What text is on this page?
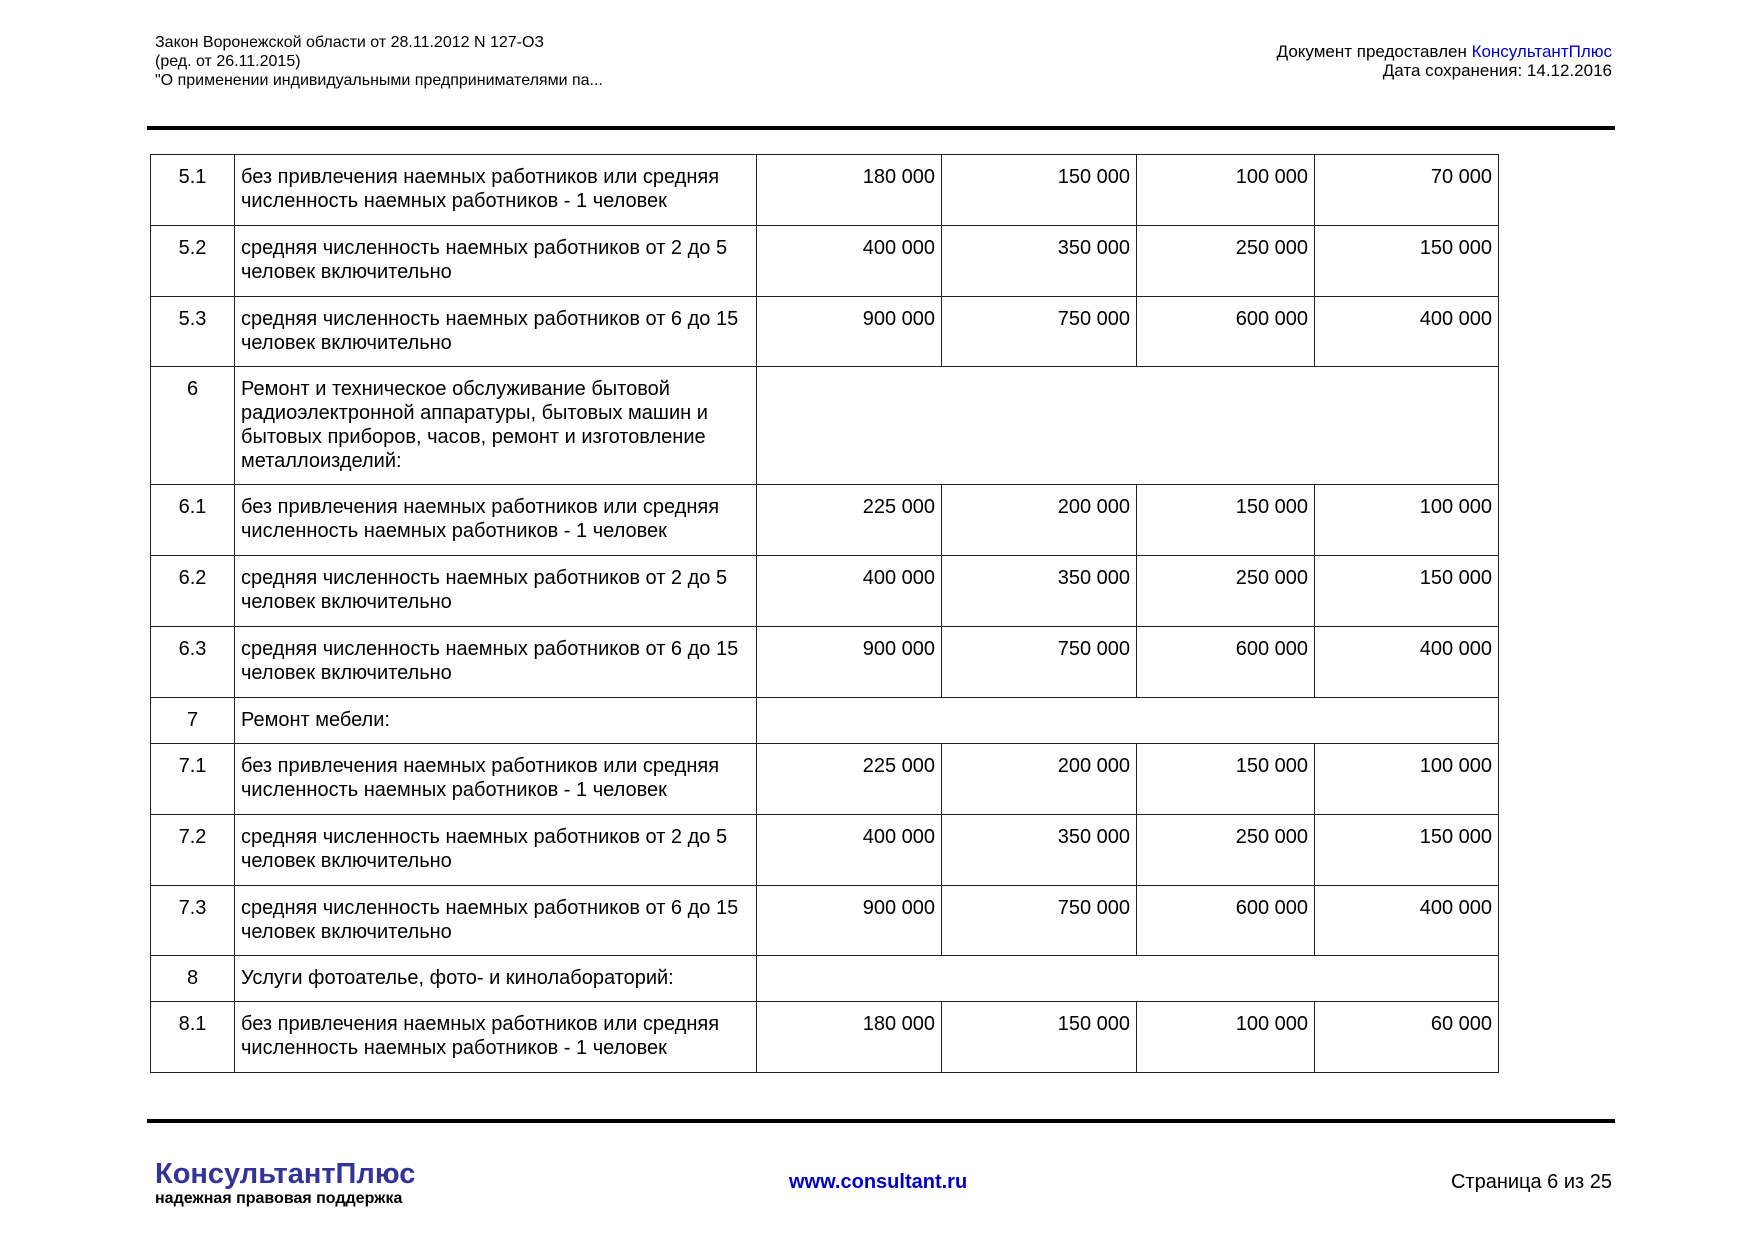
Закон Воронежской области от 28.11.2012 N 127-ОЗ
(ред. от 26.11.2015)
"О применении индивидуальными предпринимателями па...
Документ предоставлен КонсультантПлюс
Дата сохранения: 14.12.2016
5.1	без привлечения наемных работников или средняя численность наемных работников - 1 человек	180 000	150 000	100 000	70 000
5.2	средняя численность наемных работников от 2 до 5 человек включительно	400 000	350 000	250 000	150 000
5.3	средняя численность наемных работников от 6 до 15 человек включительно	900 000	750 000	600 000	400 000
6	Ремонт и техническое обслуживание бытовой радиоэлектронной аппаратуры, бытовых машин и бытовых приборов, часов, ремонт и изготовление металлоизделий:				
6.1	без привлечения наемных работников или средняя численность наемных работников - 1 человек	225 000	200 000	150 000	100 000
6.2	средняя численность наемных работников от 2 до 5 человек включительно	400 000	350 000	250 000	150 000
6.3	средняя численность наемных работников от 6 до 15 человек включительно	900 000	750 000	600 000	400 000
7	Ремонт мебели:				
7.1	без привлечения наемных работников или средняя численность наемных работников - 1 человек	225 000	200 000	150 000	100 000
7.2	средняя численность наемных работников от 2 до 5 человек включительно	400 000	350 000	250 000	150 000
7.3	средняя численность наемных работников от 6 до 15 человек включительно	900 000	750 000	600 000	400 000
8	Услуги фотоателье, фото- и кинолабораторий:				
8.1	без привлечения наемных работников или средняя численность наемных работников - 1 человек	180 000	150 000	100 000	60 000
КонсультантПлюс
надежная правовая поддержка
www.consultant.ru	Страница 6 из 25
